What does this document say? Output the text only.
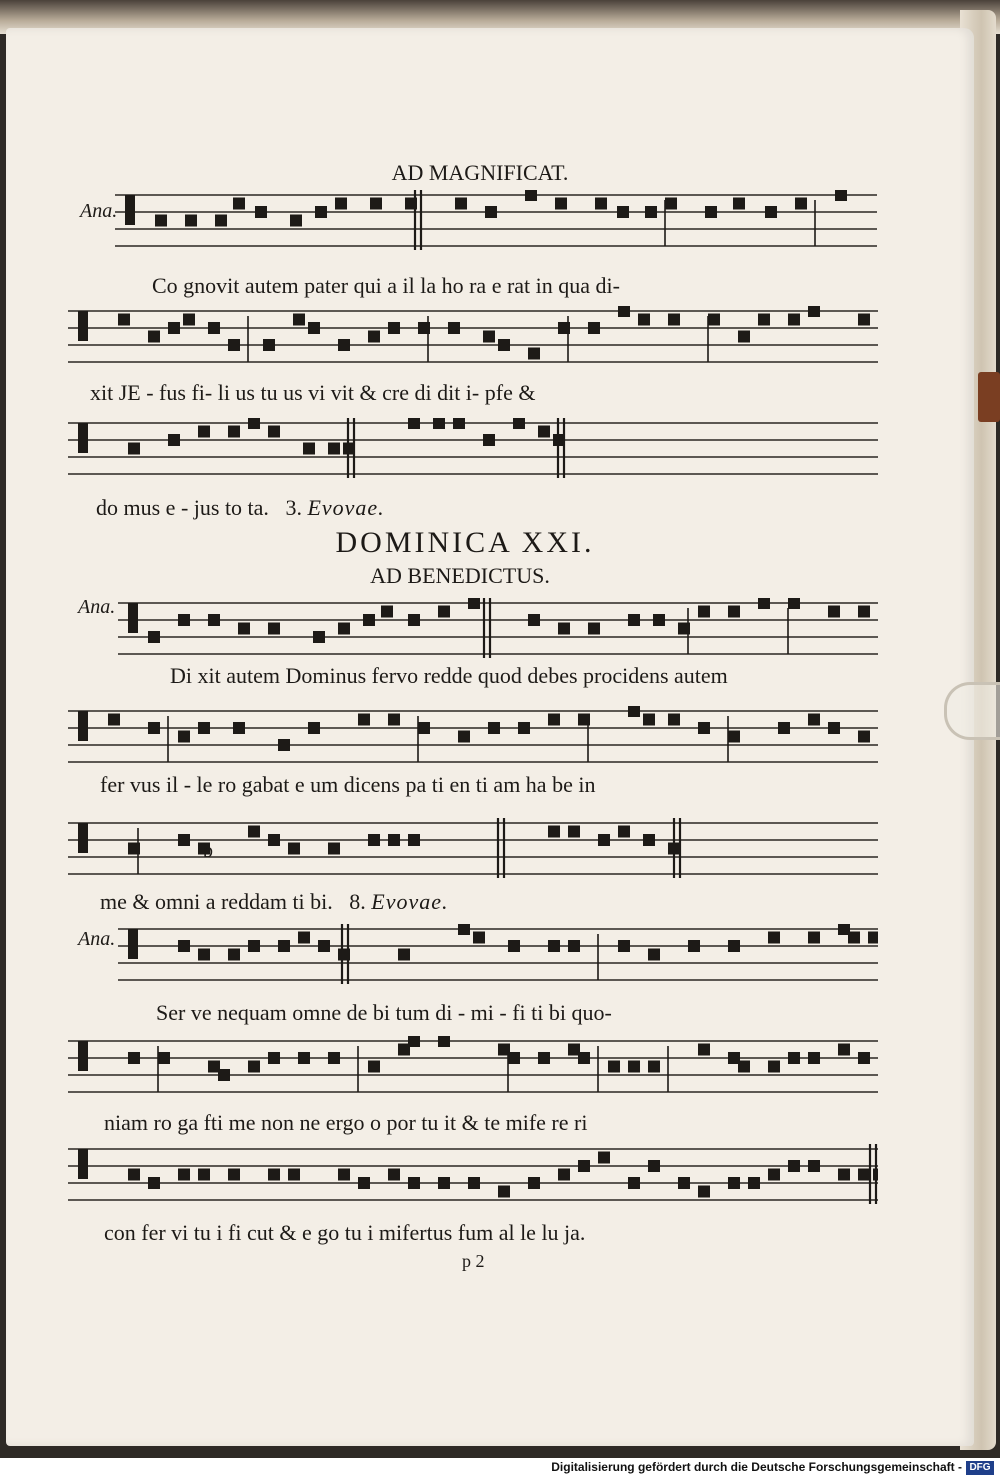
AD MAGNIFICAT.
DOMINICA XXI.
AD BENEDICTUS.
Ana.
Ana.
Ana.
b
Co gnovit autem pater qui a il la ho ra e rat in qua di-
xit JE - fus fi- li us tu us vi vit & cre di dit i- pfe &
do mus e - jus to ta. 3. Evovae.
Di xit autem Dominus fervo redde quod debes procidens autem
fer vus il - le ro gabat e um dicens pa ti en ti am ha be in
me & omni a reddam ti bi. 8. Evovae.
Ser ve nequam omne de bi tum di - mi - fi ti bi quo-
niam ro ga fti me non ne ergo o por tu it & te mife re ri
con fer vi tu i fi cut & e go tu i mifertus fum al le lu ja.
p 2
Digitalisierung gefördert durch die Deutsche Forschungsgemeinschaft - DFG
